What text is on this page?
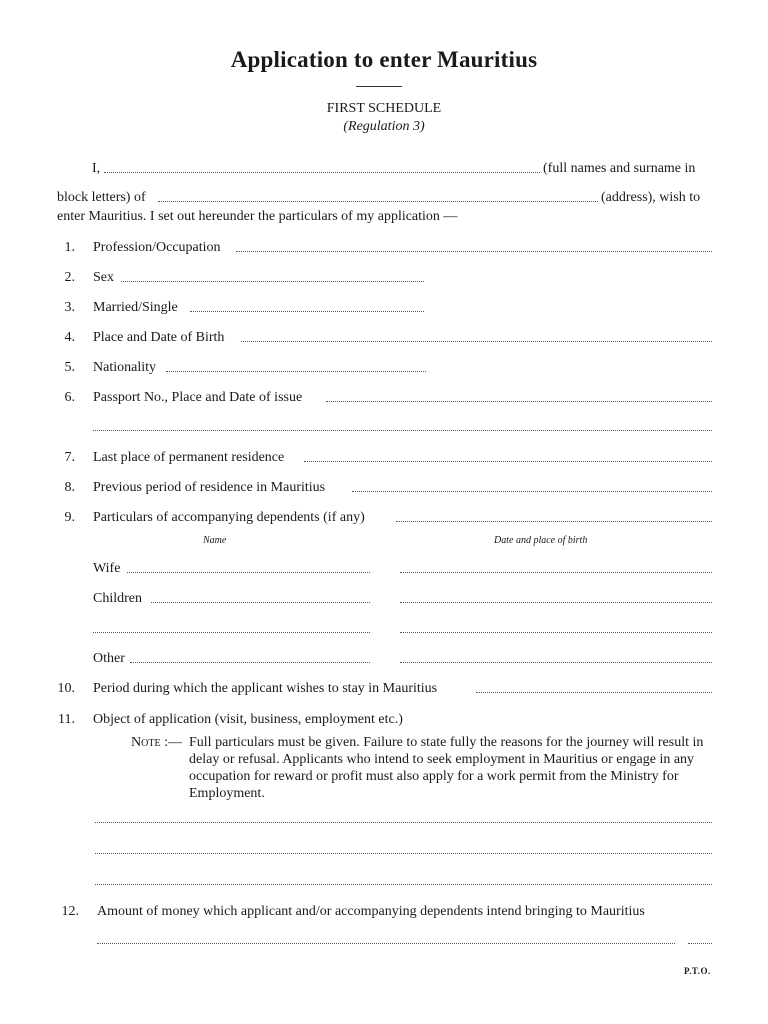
Application to enter Mauritius
FIRST SCHEDULE
(Regulation 3)
I,	(full names and surname in
block letters) of	(address), wish to
enter Mauritius. I set out hereunder the particulars of my application —
1. Profession/Occupation
2. Sex
3. Married/Single
4. Place and Date of Birth
5. Nationality
6. Passport No., Place and Date of issue
7. Last place of permanent residence
8. Previous period of residence in Mauritius
9. Particulars of accompanying dependents (if any)
Name	Date and place of birth
Wife
Children
Other
10. Period during which the applicant wishes to stay in Mauritius
11. Object of application (visit, business, employment etc.)
Note :— Full particulars must be given. Failure to state fully the reasons for the journey will result in delay or refusal. Applicants who intend to seek employment in Mauritius or engage in any occupation for reward or profit must also apply for a work permit from the Ministry for Employment.
12. Amount of money which applicant and/or accompanying dependents intend bringing to Mauritius
P.T.O.
